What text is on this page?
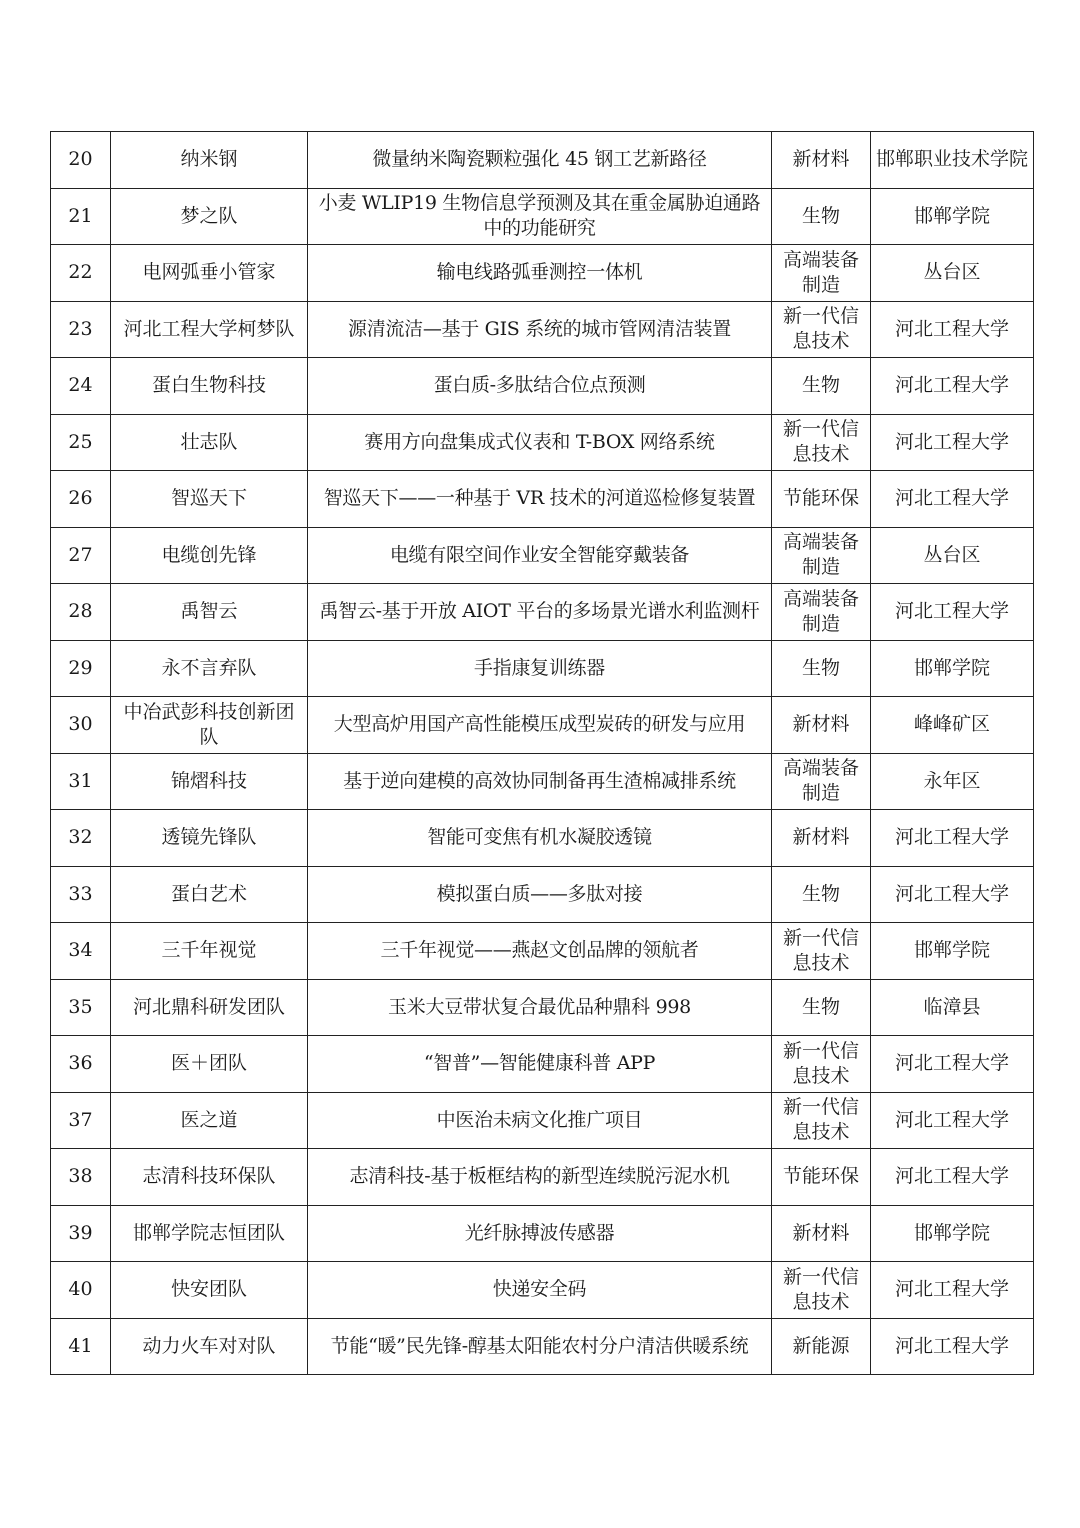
20	纳米钢	微量纳米陶瓷颗粒强化 45 钢工艺新路径	新材料	邯郸职业技术学院
21	梦之队	小麦 WLIP19 生物信息学预测及其在重金属胁迫通路中的功能研究	生物	邯郸学院
22	电网弧垂小管家	输电线路弧垂测控一体机	高端装备制造	丛台区
23	河北工程大学柯梦队	源清流洁—基于 GIS 系统的城市管网清洁装置	新一代信息技术	河北工程大学
24	蛋白生物科技	蛋白质-多肽结合位点预测	生物	河北工程大学
25	壮志队	赛用方向盘集成式仪表和 T-BOX 网络系统	新一代信息技术	河北工程大学
26	智巡天下	智巡天下——一种基于 VR 技术的河道巡检修复装置	节能环保	河北工程大学
27	电缆创先锋	电缆有限空间作业安全智能穿戴装备	高端装备制造	丛台区
28	禹智云	禹智云-基于开放 AIOT 平台的多场景光谱水利监测杆	高端装备制造	河北工程大学
29	永不言弃队	手指康复训练器	生物	邯郸学院
30	中冶武彭科技创新团队	大型高炉用国产高性能模压成型炭砖的研发与应用	新材料	峰峰矿区
31	锦熠科技	基于逆向建模的高效协同制备再生渣棉减排系统	高端装备制造	永年区
32	透镜先锋队	智能可变焦有机水凝胶透镜	新材料	河北工程大学
33	蛋白艺术	模拟蛋白质——多肽对接	生物	河北工程大学
34	三千年视觉	三千年视觉——燕赵文创品牌的领航者	新一代信息技术	邯郸学院
35	河北鼎科研发团队	玉米大豆带状复合最优品种鼎科 998	生物	临漳县
36	医＋团队	“智普”—智能健康科普 APP	新一代信息技术	河北工程大学
37	医之道	中医治未病文化推广项目	新一代信息技术	河北工程大学
38	志清科技环保队	志清科技-基于板框结构的新型连续脱污泥水机	节能环保	河北工程大学
39	邯郸学院志恒团队	光纤脉搏波传感器	新材料	邯郸学院
40	快安团队	快递安全码	新一代信息技术	河北工程大学
41	动力火车对对队	节能“暖”民先锋-醇基太阳能农村分户清洁供暖系统	新能源	河北工程大学
